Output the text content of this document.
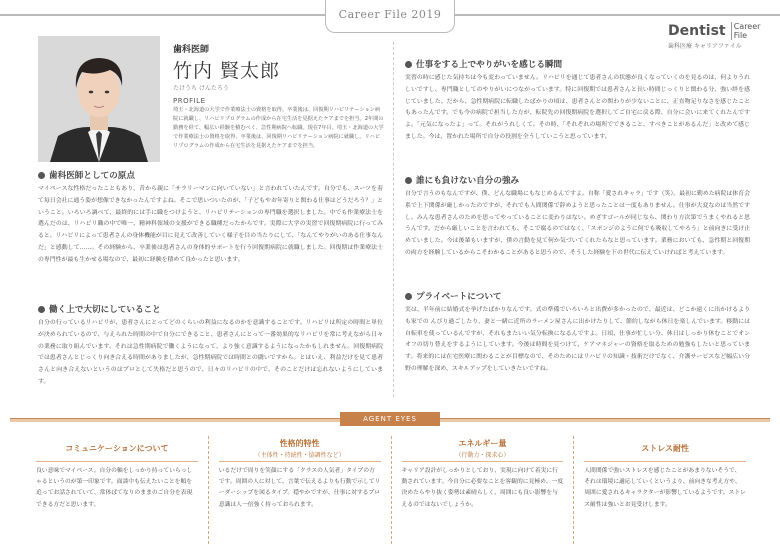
Career File 2019
Dentist Career
File
歯科医療 キャリアファイル
歯科医師
竹内 賢太郎
たけうち けんたろう
PROFILE
埼玉・北海道の大学で作業療法士の資格を取得。卒業後は、回復期リハビリテーション病院に就職し、リハビリプログラムの作成から在宅生活を見据えたケアまでを担当。2年間の勤務を経て、幅広い経験を積むべく、急性期病院へ転職。現在7年目。埼玉・北海道の大学で作業療法士の資格を取得、卒業後は、回復期リハビリテーション病院に就職し、リハビリプログラムの作成から在宅生活を見据えたケアまでを担当。
歯科医師としての原点

マイペースな性格だったこともあり、昔から親に「サラリーマンに向いていない」と言われていたんです。自分でも、スーツを着て毎日会社に通う姿が想像できなかったんですよね。そこで思いついたのが、「子どもやお年寄りと関わる仕事はどうだろう？」ということ。いろいろ調べて、最終的には手に職をつけようと、リハビリテーションの専門職を選択しました。中でも作業療法士を選んだのは、リハビリ職の中で唯一、精神科領域の支援ができる職種だったからです。実際に大学の実習で回復期病院に行ってみると、リハビリによって患者さんの身体機能が目に見えて改善していく様子を目の当たりにして、「なんてやりがいのある仕事なんだ」と感動して……。その経験から、卒業後は患者さんの身体的サポートを行う回復期病院に就職しました。回復期は作業療法士の専門性が最も生かせる場なので、最初に経験を積めて良かったと思います。

働く上で大切にしていること

自分の行っているリハビリが、患者さんにとってどのくらいの利益になるのかを意識することです。リハビリは所定の時間と単位が決められているので、与えられた時間の中で自分にできること、患者さんにとって一番効果的なリハビリを常に考えながら日々の業務に取り組んでいます。それは急性期病院で働くようになって、より強く意識するようになったかもしれません。回復期病院では患者さんとじっくり向き合える時間がありましたが、急性期病院では時間との闘いですから。とはいえ、利益だけを見て患者さんと向き合えないというのはプロとして失格だと思うので、日々のリハビリの中で、そのことだけは忘れないようにしています。

仕事をする上でやりがいを感じる瞬間

実習の時に感じた気持ちは今も変わっていません。リハビリを通じて患者さんの状態が良くなっていくのを見るのは、何よりうれしいですし、専門職としてのやりがいにつながっています。特に回復期では患者さんと長い時間じっくりと関わる分、強い絆を感じていました。だから、急性期病院に転職したばかりの頃は、患者さんとの関わりが少ないことに、正直物足りなさを感じたこともあったんです。でも今の病院で担当した方が、転院先の回復期病院を選択してご自宅に戻る際、自分に会いに来てくれたんですよ。「元気になったよ」って。それがうれしくて。その時、「それぞれの場所でできること、すべきことがあるんだ」と改めて感じました。今は、置かれた場所で自分の役割を全うしていこうと思っています。

誰にも負けない自分の強み

自分で言うのもなんですが、僕、どんな職場にもなじめるんですよ。自称「愛されキャラ」です（笑）。最初に勤めた病院は体育会系で上下関係が厳しかったのですが、それでも人間関係で辞めようと思ったことは一度もありません。仕事が大変なのは当然ですし、みんな患者さんのためを思ってやっていることに変わりはない。めざすゴールが同じなら、関わり方次第でうまくやれると思うんです。だから厳しいことを言われても、そこで腐るのではなく、「スポンジのように何でも吸収してやろう」と前向きに受け止めていました。今は後輩もいますが、僕の言動を見て何か気づいてくれたらなと思っています。業務においても、急性期と回復期の両方を経験しているからこそわかることがあると思うので、そうした経験を下の世代に伝えていければと考えています。

プライベートについて

実は、半年前に結婚式を挙げたばかりなんです。式の準備でいろいろと出費が多かったので、最近は、どこか遠くに出かけるよりも家での んびり過ごしたり、妻と一緒に近所のラーメン屋さんに出かけたりして、節約しながら休日を楽しんでいます。移動には自転車を使っているんですが、それもまたいい気分転換になるんですよ。日頃、仕事が忙しい分、休日はしっかり休むことでオンオフの切り替えをするようにしています。今後は時間を見つけて、ケアマネジャーの資格を取るための勉強もしたいと思っています。将来的には在宅医療に関わることが目標なので、そのためにはリハビリの知識・技術だけでなく、介護サービスなど幅広い分野の理解を深め、スキルアップをしていきたいですね。

AGENT EYES
コミュニケーションについて

良い意味でマイペース。自分の軸をしっかり持っていらっしゃるというのが第一印象です。面談中も伝えたいことを順を追ってお話されていて、常体ばてなりのままのご自分を表現できる方だと思います。

性格的特性
（主体性・持続性・協調性など）

いるだけで周りを笑顔にする「クラスの人気者」タイプの方です。周囲の人に対して、言葉で伝えるよりも行動で示してリーダーシップを図るタイプ。穏やかですが、仕事に対するプロ意識は人一倍強く持っておられます。

エネルギー量
（行動力・探求心）

キャリア設計がしっかりとしており、実現に向けて着実に行動されています。今自分に必要なことを客観的に見極め、一度決めたらやり抜く姿勢は素晴らしく、周囲にも良い影響を与えるのではないでしょうか。

ストレス耐性

人間関係で強いストレスを感じたことがあまりないそうで、それは環境に適応していくというより、前向きな考え方や、周囲に愛されるキャラクターが影響しているようです。ストレス耐性は強いとお見受けします。
